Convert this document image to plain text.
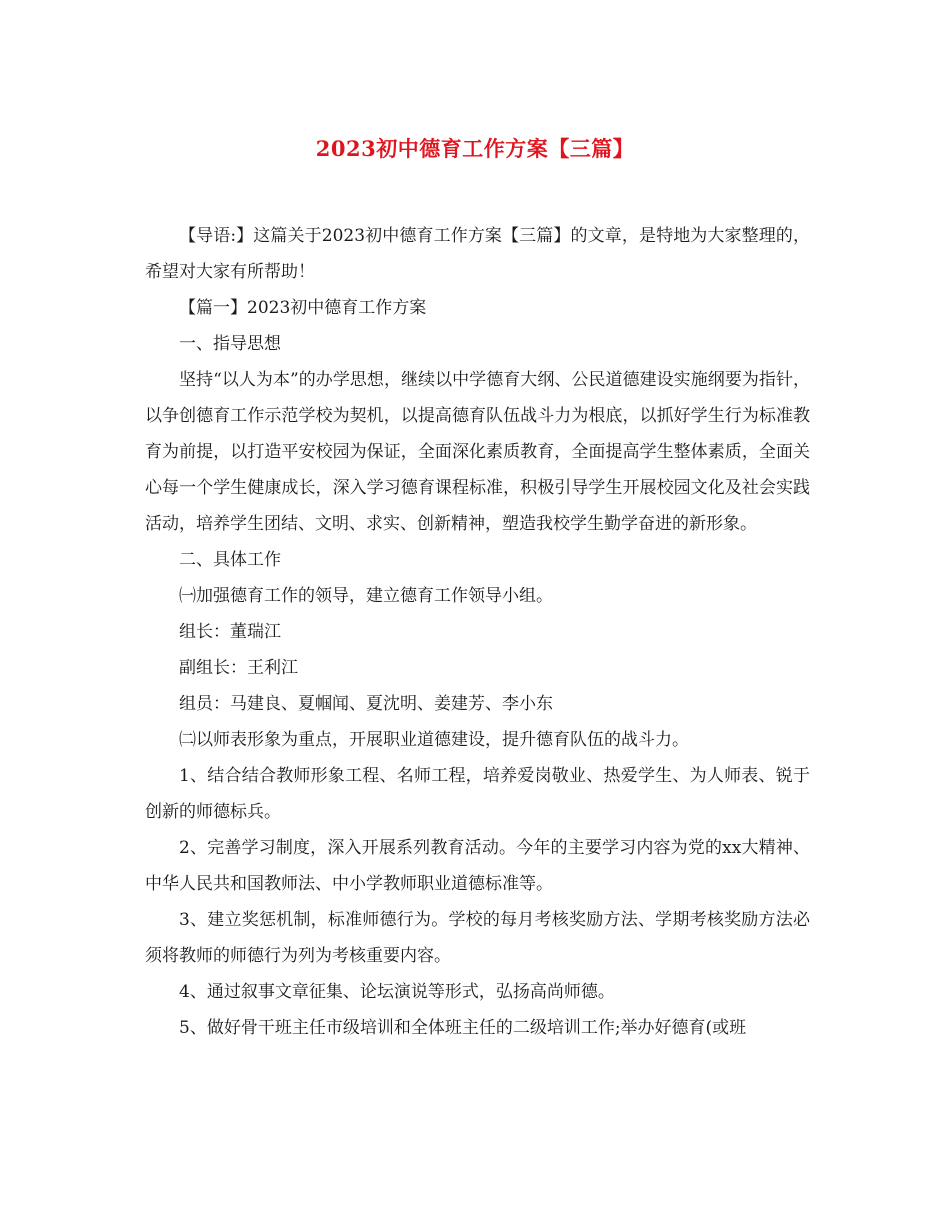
2023初中德育工作方案【三篇】

【导语:】这篇关于2023初中德育工作方案【三篇】的文章，是特地为大家整理的，希望对大家有所帮助！

【篇一】2023初中德育工作方案

一、指导思想

坚持“以人为本”的办学思想，继续以中学德育大纲、公民道德建设实施纲要为指针，以争创德育工作示范学校为契机，以提高德育队伍战斗力为根底，以抓好学生行为标准教育为前提，以打造平安校园为保证，全面深化素质教育，全面提高学生整体素质，全面关心每一个学生健康成长，深入学习德育课程标准，积极引导学生开展校园文化及社会实践活动，培养学生团结、文明、求实、创新精神，塑造我校学生勤学奋进的新形象。

二、具体工作

㈠加强德育工作的领导，建立德育工作领导小组。

组长：董瑞江

副组长：王利江

组员：马建良、夏帼闻、夏沈明、姜建芳、李小东

㈡以师表形象为重点，开展职业道德建设，提升德育队伍的战斗力。

1、结合结合教师形象工程、名师工程，培养爱岗敬业、热爱学生、为人师表、锐于创新的师德标兵。

2、完善学习制度，深入开展系列教育活动。今年的主要学习内容为党的xx大精神、中华人民共和国教师法、中小学教师职业道德标准等。

3、建立奖惩机制，标准师德行为。学校的每月考核奖励方法、学期考核奖励方法必须将教师的师德行为列为考核重要内容。

4、通过叙事文章征集、论坛演说等形式，弘扬高尚师德。

5、做好骨干班主任市级培训和全体班主任的二级培训工作;举办好德育(或班
